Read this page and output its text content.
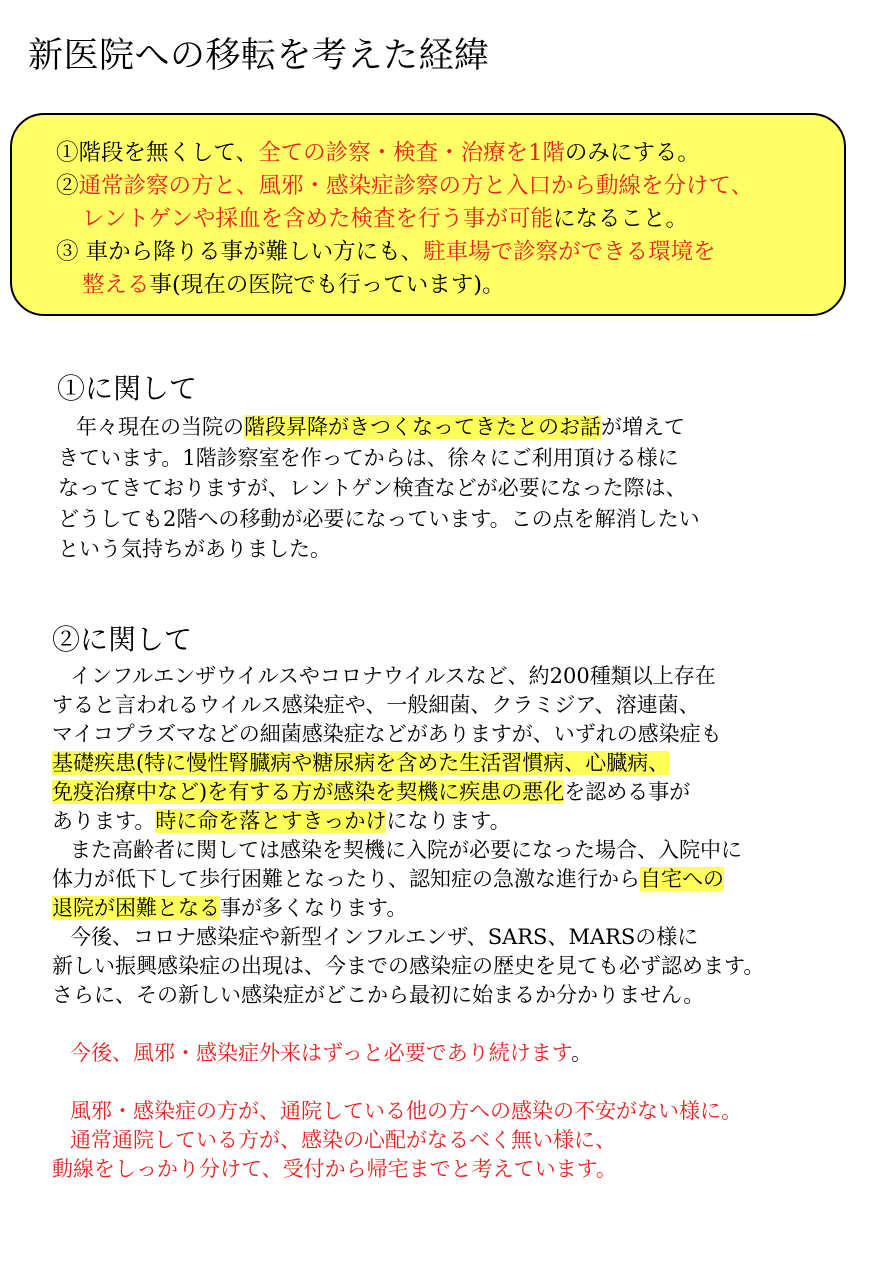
新医院への移転を考えた経緯
①階段を無くして、全ての診察・検査・治療を1階のみにする。
②通常診察の方と、風邪・感染症診察の方と入口から動線を分けて、
レントゲンや採血を含めた検査を行う事が可能になること。
③ 車から降りる事が難しい方にも、駐車場で診察ができる環境を
整える事(現在の医院でも行っています)。
①に関して
年々現在の当院の階段昇降がきつくなってきたとのお話が増えて
きています。1階診察室を作ってからは、徐々にご利用頂ける様に
なってきておりますが、レントゲン検査などが必要になった際は、
どうしても2階への移動が必要になっています。この点を解消したい
という気持ちがありました。
②に関して
インフルエンザウイルスやコロナウイルスなど、約200種類以上存在
すると言われるウイルス感染症や、一般細菌、クラミジア、溶連菌、
マイコプラズマなどの細菌感染症などがありますが、いずれの感染症も
基礎疾患(特に慢性腎臓病や糖尿病を含めた生活習慣病、心臓病、
免疫治療中など)を有する方が感染を契機に疾患の悪化を認める事が
あります。時に命を落とすきっかけになります。
また高齢者に関しては感染を契機に入院が必要になった場合、入院中に
体力が低下して歩行困難となったり、認知症の急激な進行から自宅への
退院が困難となる事が多くなります。
今後、コロナ感染症や新型インフルエンザ、SARS、MARSの様に
新しい振興感染症の出現は、今までの感染症の歴史を見ても必ず認めます。
さらに、その新しい感染症がどこから最初に始まるか分かりません。
今後、風邪・感染症外来はずっと必要であり続けます。
風邪・感染症の方が、通院している他の方への感染の不安がない様に。
通常通院している方が、感染の心配がなるべく無い様に、
動線をしっかり分けて、受付から帰宅までと考えています。
